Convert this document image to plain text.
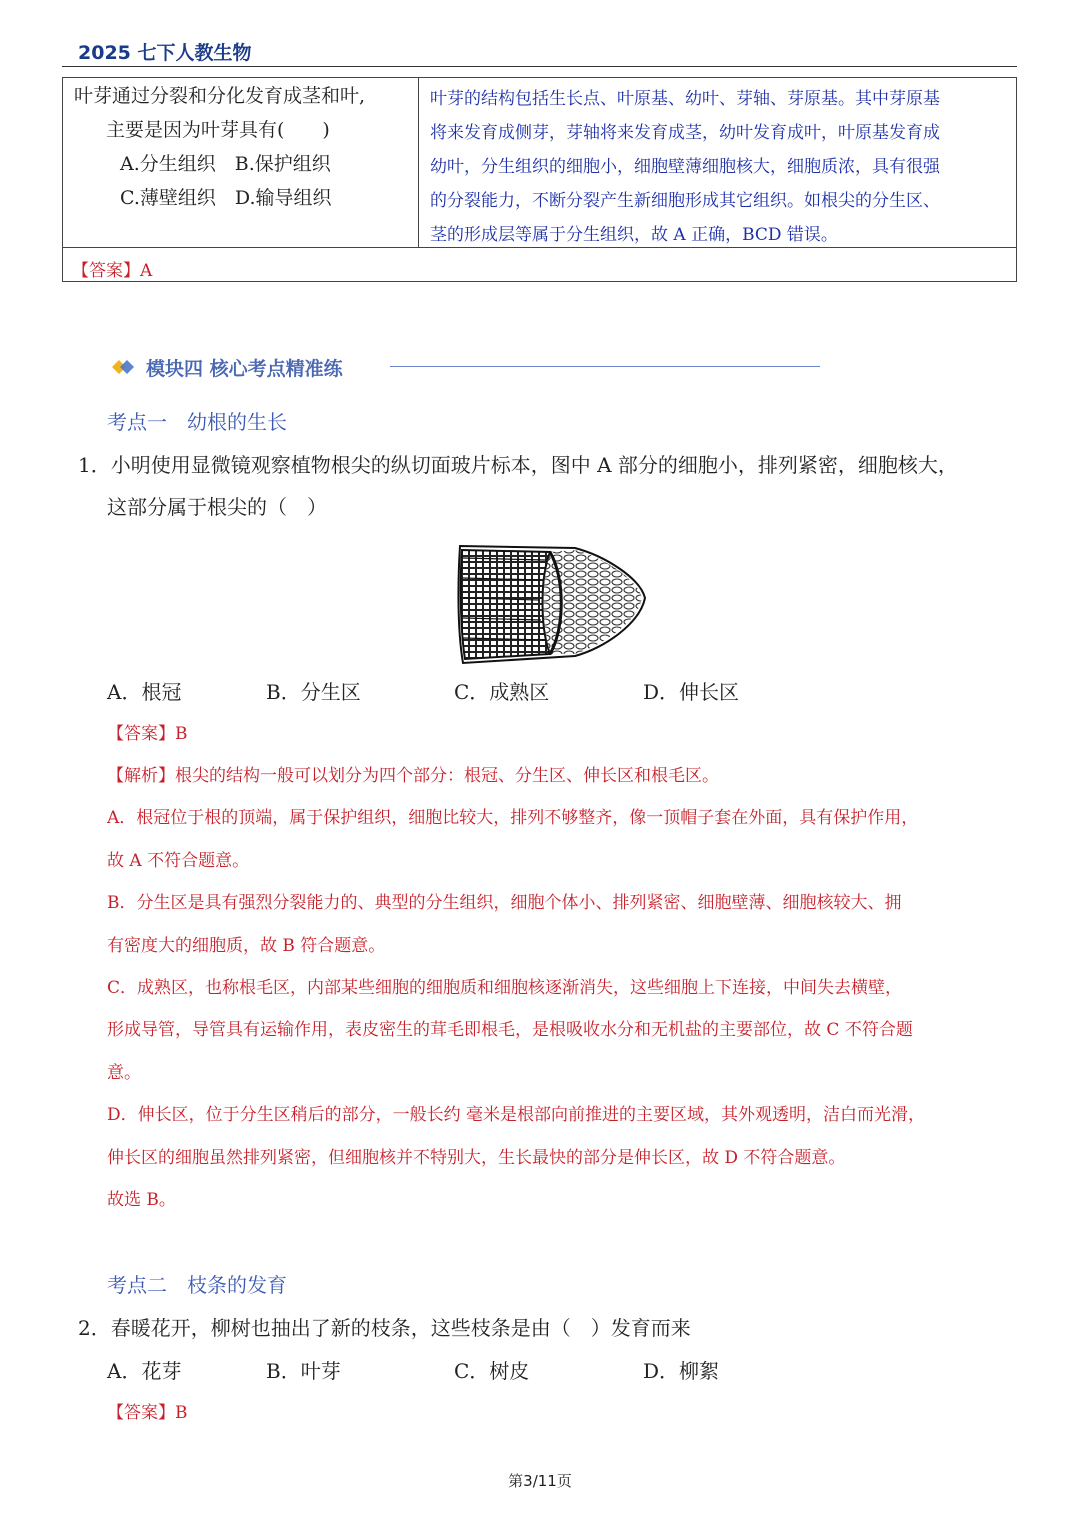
2025 七下人教生物
叶芽通过分裂和分化发育成茎和叶,
主要是因为叶芽具有(　　)
A.分生组织　B.保护组织
C.薄壁组织　D.输导组织
叶芽的结构包括生长点、叶原基、幼叶、芽轴、芽原基。其中芽原基
将来发育成侧芽，芽轴将来发育成茎，幼叶发育成叶，叶原基发育成
幼叶，分生组织的细胞小，细胞壁薄细胞核大，细胞质浓，具有很强
的分裂能力，不断分裂产生新细胞形成其它组织。如根尖的分生区、
茎的形成层等属于分生组织，故 A 正确，BCD 错误。
【答案】A
模块四 核心考点精准练
考点一　幼根的生长
1．小明使用显微镜观察植物根尖的纵切面玻片标本，图中 A 部分的细胞小，排列紧密，细胞核大，
这部分属于根尖的（　）
A．根冠	B．分生区	C．成熟区	D．伸长区
【答案】B
【解析】根尖的结构一般可以划分为四个部分：根冠、分生区、伸长区和根毛区。
A．根冠位于根的顶端，属于保护组织，细胞比较大，排列不够整齐，像一顶帽子套在外面，具有保护作用，
故 A 不符合题意。
B．分生区是具有强烈分裂能力的、典型的分生组织，细胞个体小、排列紧密、细胞壁薄、细胞核较大、拥
有密度大的细胞质，故 B 符合题意。
C．成熟区，也称根毛区，内部某些细胞的细胞质和细胞核逐渐消失，这些细胞上下连接，中间失去横壁，
形成导管，导管具有运输作用，表皮密生的茸毛即根毛，是根吸收水分和无机盐的主要部位，故 C 不符合题
意。
D．伸长区，位于分生区稍后的部分，一般长约 毫米是根部向前推进的主要区域，其外观透明，洁白而光滑，
伸长区的细胞虽然排列紧密，但细胞核并不特别大，生长最快的部分是伸长区，故 D 不符合题意。
故选 B。
考点二　枝条的发育
2．春暖花开，柳树也抽出了新的枝条，这些枝条是由（　）发育而来
A．花芽	B．叶芽	C．树皮	D．柳絮
【答案】B
第3/11页
